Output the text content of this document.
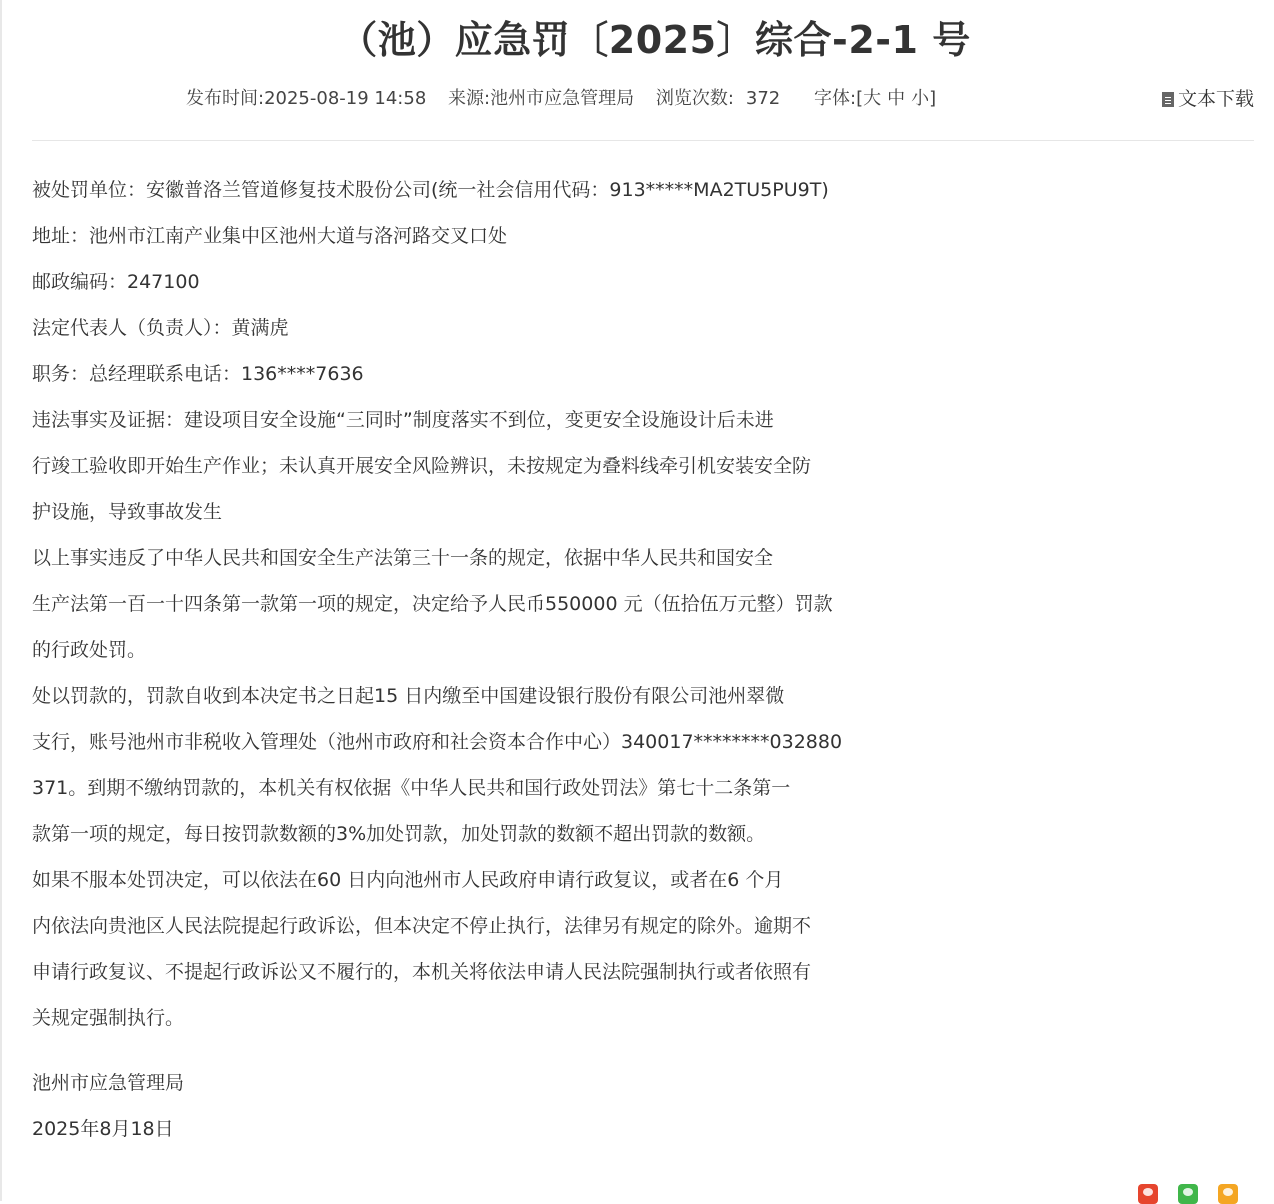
（池）应急罚〔2025〕综合-2-1 号
发布时间:2025-08-19 14:58 来源:池州市应急管理局 浏览次数: 372 字体:[大 中 小]	文本下载

被处罚单位：安徽普洛兰管道修复技术股份公司(统一社会信用代码：913*****MA2TU5PU9T)

地址：池州市江南产业集中区池州大道与洛河路交叉口处

邮政编码：247100

法定代表人（负责人）：黄满虎

职务：总经理联系电话：136****7636

违法事实及证据：建设项目安全设施“三同时”制度落实不到位，变更安全设施设计后未进

行竣工验收即开始生产作业；未认真开展安全风险辨识，未按规定为叠料线牵引机安装安全防

护设施，导致事故发生

以上事实违反了中华人民共和国安全生产法第三十一条的规定，依据中华人民共和国安全

生产法第一百一十四条第一款第一项的规定，决定给予人民币550000 元（伍拾伍万元整）罚款

的行政处罚。

处以罚款的，罚款自收到本决定书之日起15 日内缴至中国建设银行股份有限公司池州翠微

支行，账号池州市非税收入管理处（池州市政府和社会资本合作中心）340017********032880

371。到期不缴纳罚款的，本机关有权依据《中华人民共和国行政处罚法》第七十二条第一

款第一项的规定，每日按罚款数额的3%加处罚款，加处罚款的数额不超出罚款的数额。

如果不服本处罚决定，可以依法在60 日内向池州市人民政府申请行政复议，或者在6 个月

内依法向贵池区人民法院提起行政诉讼，但本决定不停止执行，法律另有规定的除外。逾期不

申请行政复议、不提起行政诉讼又不履行的，本机关将依法申请人民法院强制执行或者依照有

关规定强制执行。

池州市应急管理局
2025年8月18日
